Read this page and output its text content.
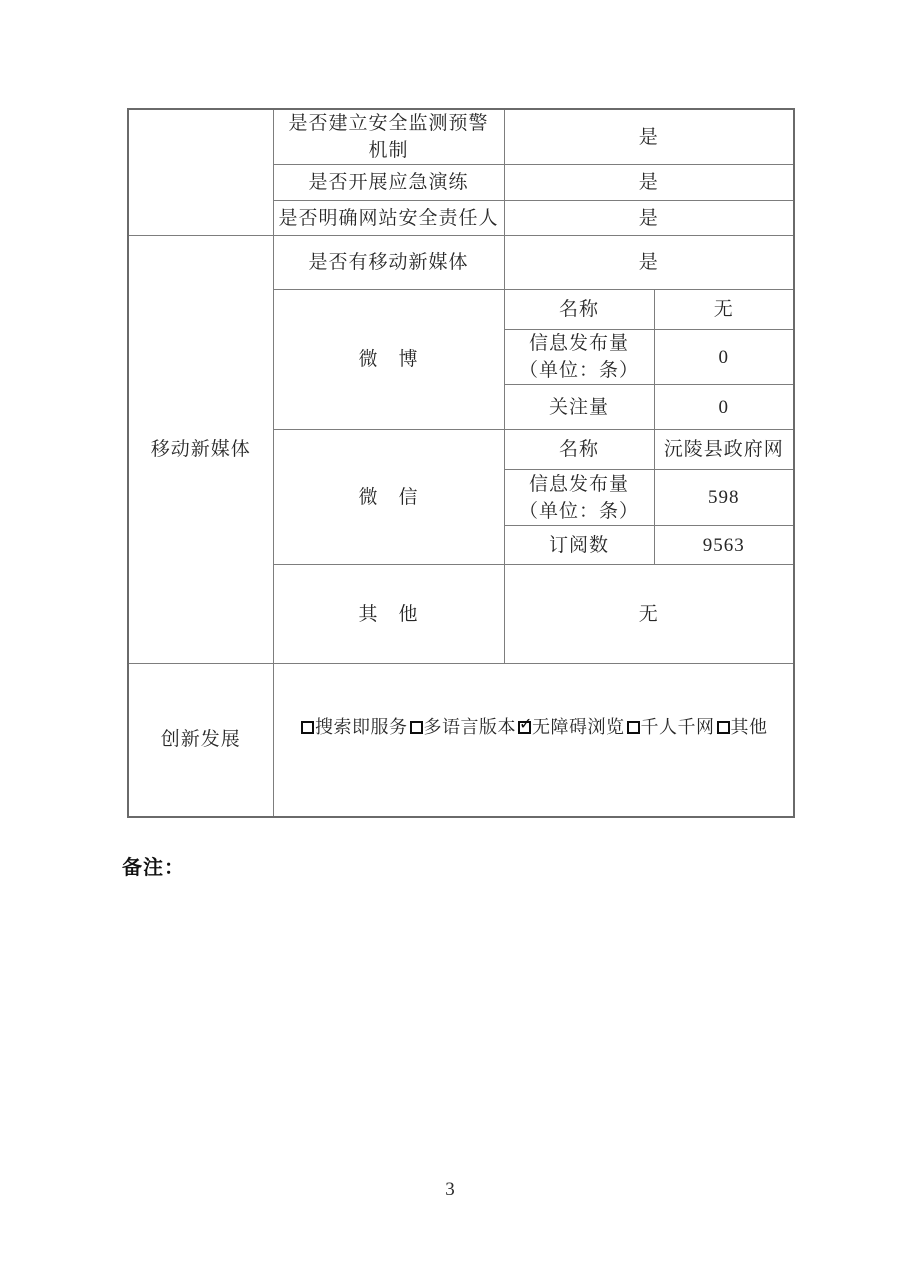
	是否建立安全监测预警
机制	是	
	是否开展应急演练	是	
	是否明确网站安全责任人	是	
移动新媒体	是否有移动新媒体	是	
	微　博	名称	无

		信息发布量
（单位：条）	0
		关注量	0
	微　信	名称	沅陵县政府网

		信息发布量
（单位：条）	598
		订阅数	9563
	其　他	无	
创新发展	搜索即服务 多语言版本 ✓ 无障碍浏览 千人千网 其他		
备注：
3
